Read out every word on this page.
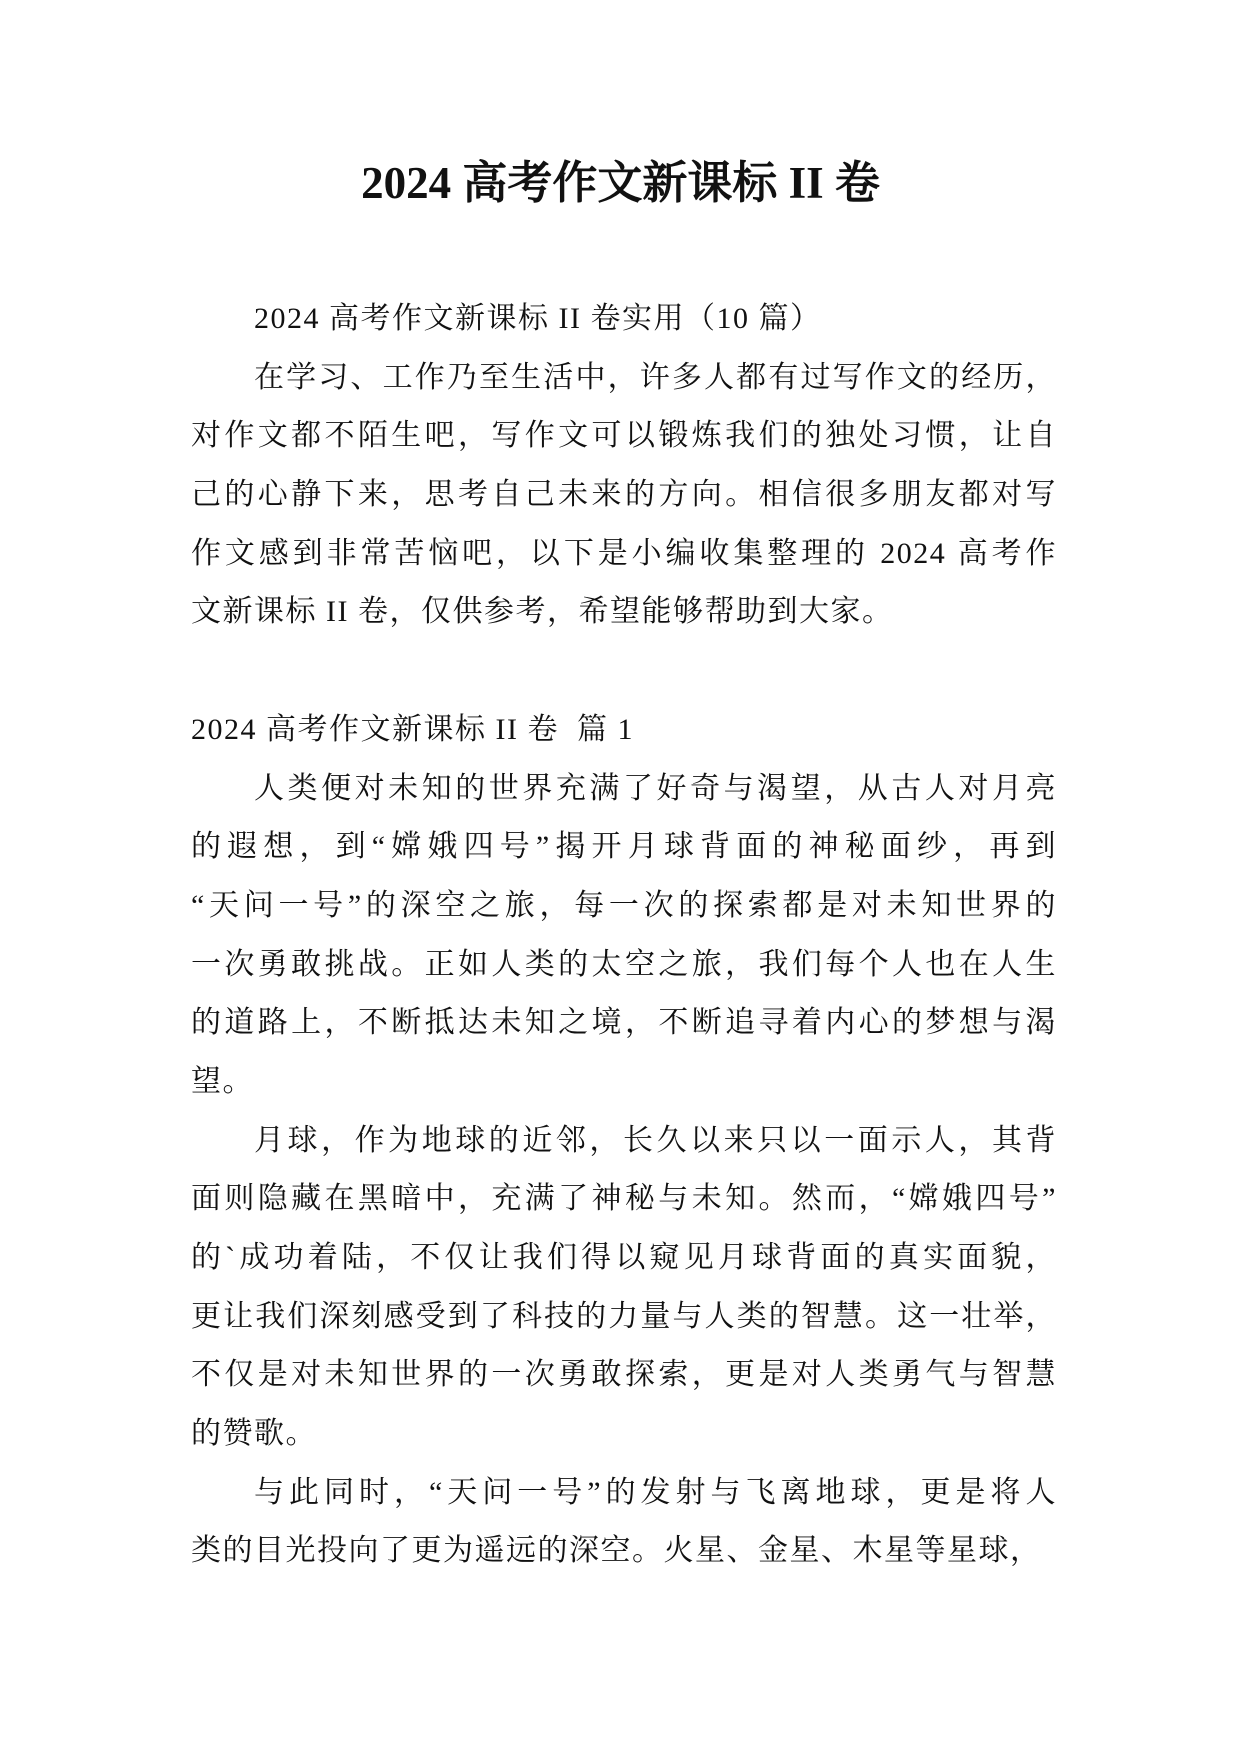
2024 高考作文新课标 II 卷
2024 高考作文新课标 II 卷实用（10 篇）
在学习、工作乃至生活中，许多人都有过写作文的经历，
对作文都不陌生吧，写作文可以锻炼我们的独处习惯，让自
己的心静下来，思考自己未来的方向。相信很多朋友都对写
作文感到非常苦恼吧，以下是小编收集整理的 2024 高考作
文新课标 II 卷，仅供参考，希望能够帮助到大家。
2024 高考作文新课标 II 卷  篇 1
人类便对未知的世界充满了好奇与渴望，从古人对月亮
的遐想，到“嫦娥四号”揭开月球背面的神秘面纱，再到
“天问一号”的深空之旅，每一次的探索都是对未知世界的
一次勇敢挑战。正如人类的太空之旅，我们每个人也在人生
的道路上，不断抵达未知之境，不断追寻着内心的梦想与渴
望。
月球，作为地球的近邻，长久以来只以一面示人，其背
面则隐藏在黑暗中，充满了神秘与未知。然而，“嫦娥四号”
的`成功着陆，不仅让我们得以窥见月球背面的真实面貌，
更让我们深刻感受到了科技的力量与人类的智慧。这一壮举，
不仅是对未知世界的一次勇敢探索，更是对人类勇气与智慧
的赞歌。
与此同时，“天问一号”的发射与飞离地球，更是将人
类的目光投向了更为遥远的深空。火星、金星、木星等星球，
